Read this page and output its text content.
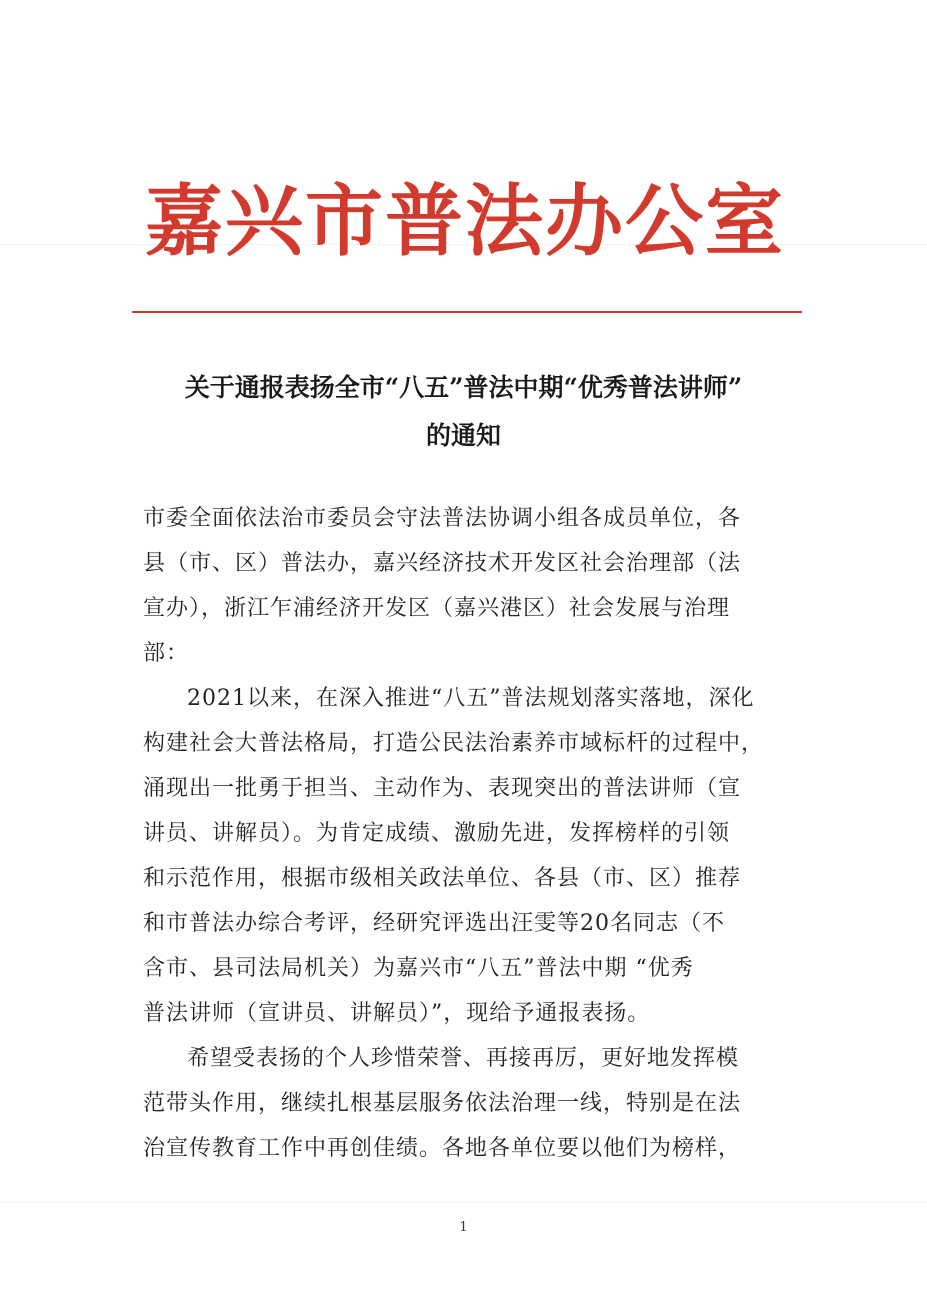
嘉兴市普法办公室
关于通报表扬全市“八五”普法中期“优秀普法讲师”
的通知
市委全面依法治市委员会守法普法协调小组各成员单位，各
县（市、区）普法办，嘉兴经济技术开发区社会治理部（法
宣办），浙江乍浦经济开发区（嘉兴港区）社会发展与治理
部：
2021以来，在深入推进“八五”普法规划落实落地，深化
构建社会大普法格局，打造公民法治素养市域标杆的过程中，
涌现出一批勇于担当、主动作为、表现突出的普法讲师（宣
讲员、讲解员）。为肯定成绩、激励先进，发挥榜样的引领
和示范作用，根据市级相关政法单位、各县（市、区）推荐
和市普法办综合考评，经研究评选出汪雯等20名同志（不
含市、县司法局机关）为嘉兴市“八五”普法中期 “优秀
普法讲师（宣讲员、讲解员）”，现给予通报表扬。
希望受表扬的个人珍惜荣誉、再接再厉，更好地发挥模
范带头作用，继续扎根基层服务依法治理一线，特别是在法
治宣传教育工作中再创佳绩。各地各单位要以他们为榜样，
1
